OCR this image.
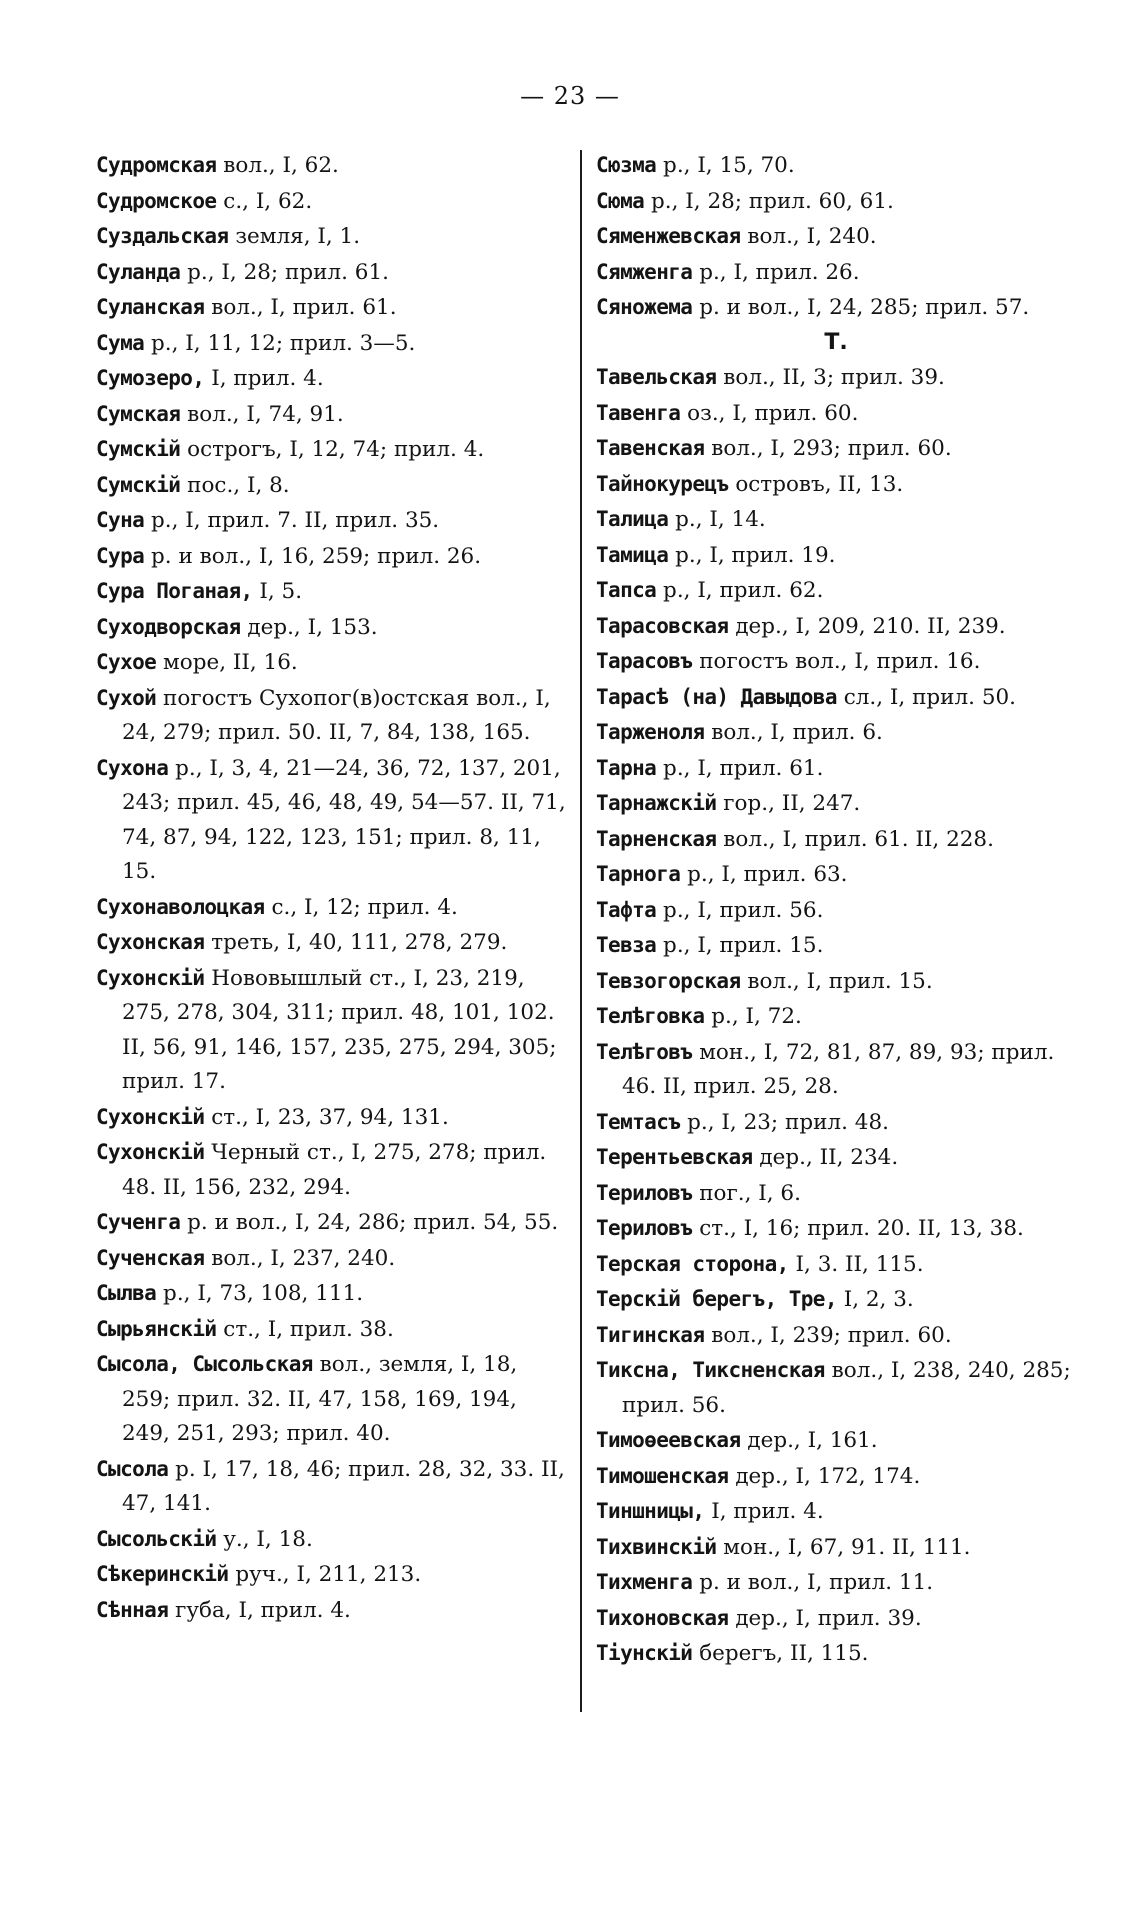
— 23 —

Судромская вол., I, 62.

Судромское с., I, 62.

Суздальская земля, I, 1.

Суланда р., I, 28; прил. 61.

Суланская вол., I, прил. 61.

Сума р., I, 11, 12; прил. 3—5.

Сумозеро, I, прил. 4.

Сумская вол., I, 74, 91.

Сумскій острогъ, I, 12, 74; прил. 4.

Сумскій пос., I, 8.

Суна р., I, прил. 7. II, прил. 35.

Сура р. и вол., I, 16, 259; прил. 26.

Сура Поганая, I, 5.

Суходворская дер., I, 153.

Сухое море, II, 16.

Сухой погостъ Сухопог(в)остская вол., I, 24, 279; прил. 50. II, 7, 84, 138, 165.

Сухона р., I, 3, 4, 21—24, 36, 72, 137, 201, 243; прил. 45, 46, 48, 49, 54—57. II, 71, 74, 87, 94, 122, 123, 151; прил. 8, 11, 15.

Сухонаволоцкая с., I, 12; прил. 4.

Сухонская треть, I, 40, 111, 278, 279.

Сухонскій Нововышлый ст., I, 23, 219, 275, 278, 304, 311; прил. 48, 101, 102. II, 56, 91, 146, 157, 235, 275, 294, 305; прил. 17.

Сухонскій ст., I, 23, 37, 94, 131.

Сухонскій Черный ст., I, 275, 278; прил. 48. II, 156, 232, 294.

Сученга р. и вол., I, 24, 286; прил. 54, 55.

Сученская вол., I, 237, 240.

Сылва р., I, 73, 108, 111.

Сырьянскій ст., I, прил. 38.

Сысола, Сысольская вол., земля, I, 18, 259; прил. 32. II, 47, 158, 169, 194, 249, 251, 293; прил. 40.

Сысола р. I, 17, 18, 46; прил. 28, 32, 33. II, 47, 141.

Сысольскій у., I, 18.

Сѣкеринскій руч., I, 211, 213.

Сѣнная губа, I, прил. 4.

Сюзма р., I, 15, 70.

Сюма р., I, 28; прил. 60, 61.

Сяменжевская вол., I, 240.

Сямженга р., I, прил. 26.

Сяножема р. и вол., I, 24, 285; прил. 57.

Т.

Тавельская вол., II, 3; прил. 39.

Тавенга оз., I, прил. 60.

Тавенская вол., I, 293; прил. 60.

Тайнокурецъ островъ, II, 13.

Талица р., I, 14.

Тамица р., I, прил. 19.

Тапса р., I, прил. 62.

Тарасовская дер., I, 209, 210. II, 239.

Тарасовъ погостъ вол., I, прил. 16.

Тарасѣ (на) Давыдова сл., I, прил. 50.

Тарженоля вол., I, прил. 6.

Тарна р., I, прил. 61.

Тарнажскій гор., II, 247.

Тарненская вол., I, прил. 61. II, 228.

Тарнога р., I, прил. 63.

Тафта р., I, прил. 56.

Тевза р., I, прил. 15.

Тевзогорская вол., I, прил. 15.

Телѣговка р., I, 72.

Телѣговъ мон., I, 72, 81, 87, 89, 93; прил. 46. II, прил. 25, 28.

Темтасъ р., I, 23; прил. 48.

Терентьевская дер., II, 234.

Териловъ пог., I, 6.

Териловъ ст., I, 16; прил. 20. II, 13, 38.

Терская сторона, I, 3. II, 115.

Терскій берегъ, Тре, I, 2, 3.

Тигинская вол., I, 239; прил. 60.

Тиксна, Тиксненская вол., I, 238, 240, 285; прил. 56.

Тимоѳеевская дер., I, 161.

Тимошенская дер., I, 172, 174.

Тиншницы, I, прил. 4.

Тихвинскій мон., I, 67, 91. II, 111.

Тихменга р. и вол., I, прил. 11.

Тихоновская дер., I, прил. 39.

Тіунскій берегъ, II, 115.
